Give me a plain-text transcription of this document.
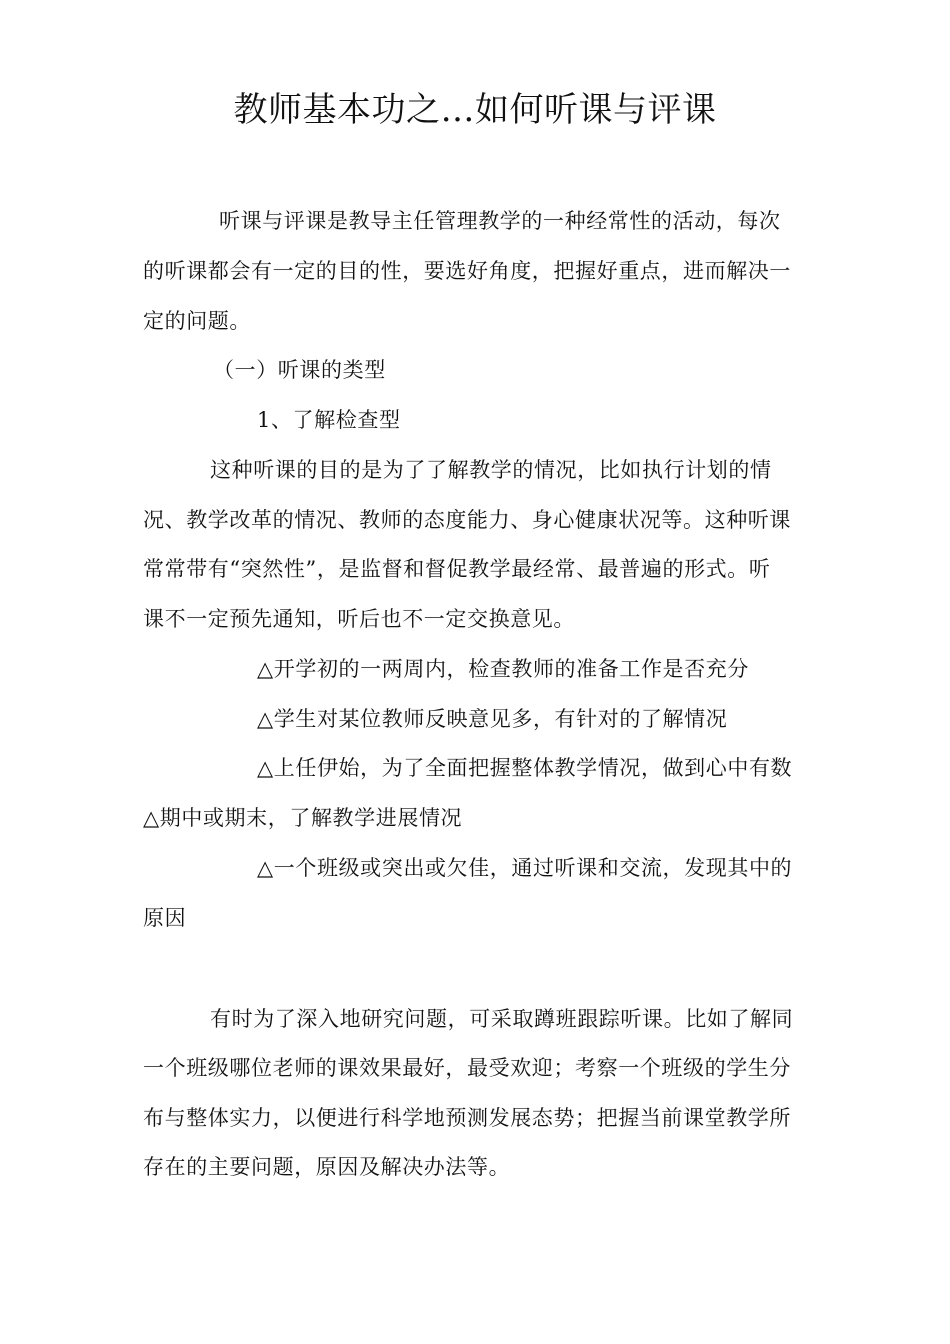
教师基本功之…如何听课与评课
听课与评课是教导主任管理教学的一种经常性的活动，每次
的听课都会有一定的目的性，要选好角度，把握好重点，进而解决一
定的问题。
（一）听课的类型
1、了解检查型
这种听课的目的是为了了解教学的情况，比如执行计划的情
况、教学改革的情况、教师的态度能力、身心健康状况等。这种听课
常常带有“突然性”，是监督和督促教学最经常、最普遍的形式。听
课不一定预先通知，听后也不一定交换意见。
△开学初的一两周内，检查教师的准备工作是否充分
△学生对某位教师反映意见多，有针对的了解情况
△上任伊始，为了全面把握整体教学情况，做到心中有数
△期中或期末，了解教学进展情况
△一个班级或突出或欠佳，通过听课和交流，发现其中的
原因
有时为了深入地研究问题，可采取蹲班跟踪听课。比如了解同
一个班级哪位老师的课效果最好，最受欢迎；考察一个班级的学生分
布与整体实力，以便进行科学地预测发展态势；把握当前课堂教学所
存在的主要问题，原因及解决办法等。
